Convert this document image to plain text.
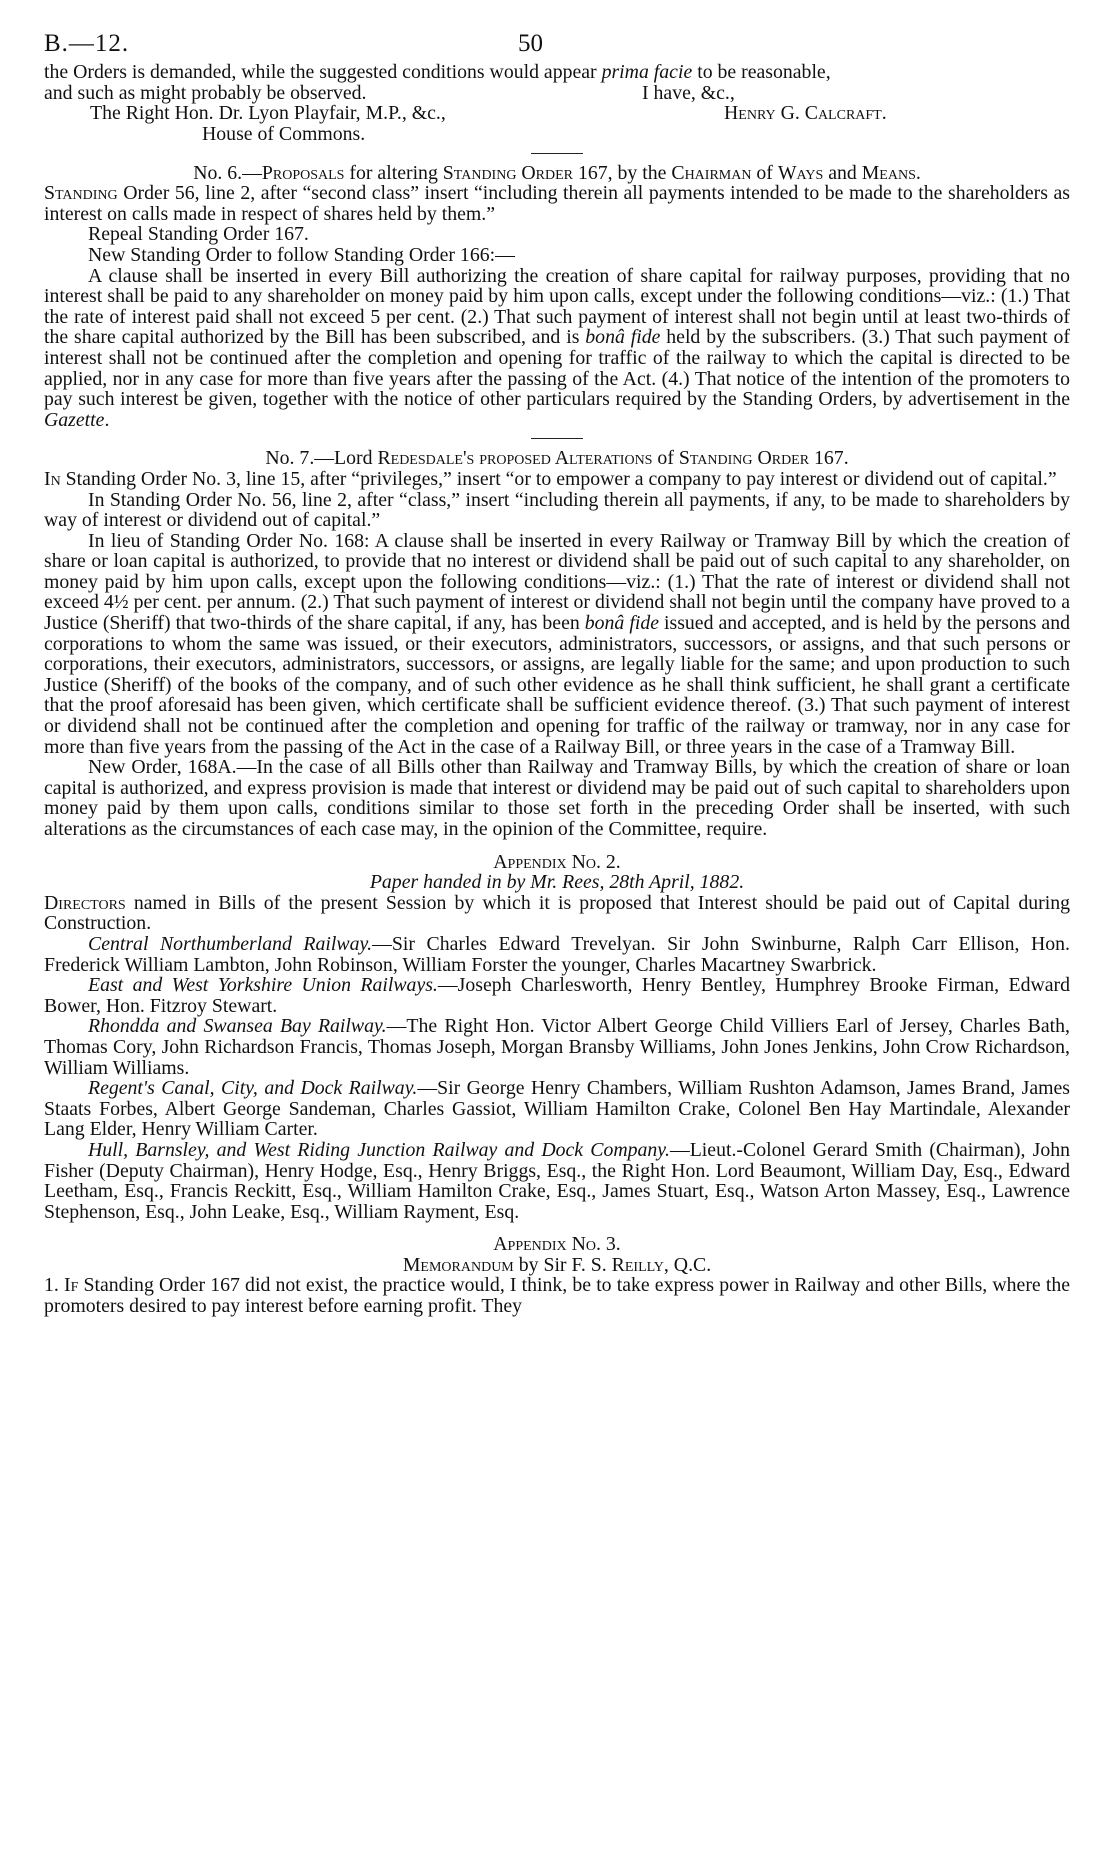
B.—12.	50

the Orders is demanded, while the suggested conditions would appear prima facie to be reasonable,

and such as might probably be observed.	I have, &c.,
The Right Hon. Dr. Lyon Playfair, M.P., &c.,	Henry G. Calcraft.
House of Commons.

No. 6.—Proposals for altering Standing Order 167, by the Chairman of Ways and Means.

Standing Order 56, line 2, after “second class” insert “including therein all payments intended to be made to the shareholders as interest on calls made in respect of shares held by them.”

Repeal Standing Order 167.

New Standing Order to follow Standing Order 166:—

A clause shall be inserted in every Bill authorizing the creation of share capital for railway purposes, providing that no interest shall be paid to any shareholder on money paid by him upon calls, except under the following conditions—viz.: (1.) That the rate of interest paid shall not exceed 5 per cent. (2.) That such payment of interest shall not begin until at least two-thirds of the share capital authorized by the Bill has been subscribed, and is bonâ fide held by the subscribers. (3.) That such payment of interest shall not be continued after the completion and opening for traffic of the railway to which the capital is directed to be applied, nor in any case for more than five years after the passing of the Act. (4.) That notice of the intention of the promoters to pay such interest be given, together with the notice of other particulars required by the Standing Orders, by advertisement in the Gazette.

No. 7.—Lord Redesdale's proposed Alterations of Standing Order 167.

In Standing Order No. 3, line 15, after “privileges,” insert “or to empower a company to pay interest or dividend out of capital.”

In Standing Order No. 56, line 2, after “class,” insert “including therein all payments, if any, to be made to shareholders by way of interest or dividend out of capital.”

In lieu of Standing Order No. 168: A clause shall be inserted in every Railway or Tramway Bill by which the creation of share or loan capital is authorized, to provide that no interest or dividend shall be paid out of such capital to any shareholder, on money paid by him upon calls, except upon the following conditions—viz.: (1.) That the rate of interest or dividend shall not exceed 4½ per cent. per annum. (2.) That such payment of interest or dividend shall not begin until the company have proved to a Justice (Sheriff) that two-thirds of the share capital, if any, has been bonâ fide issued and accepted, and is held by the persons and corporations to whom the same was issued, or their executors, administrators, successors, or assigns, and that such persons or corporations, their executors, administrators, successors, or assigns, are legally liable for the same; and upon production to such Justice (Sheriff) of the books of the company, and of such other evidence as he shall think sufficient, he shall grant a certificate that the proof aforesaid has been given, which certificate shall be sufficient evidence thereof. (3.) That such payment of interest or dividend shall not be continued after the completion and opening for traffic of the railway or tramway, nor in any case for more than five years from the passing of the Act in the case of a Railway Bill, or three years in the case of a Tramway Bill.

New Order, 168A.—In the case of all Bills other than Railway and Tramway Bills, by which the creation of share or loan capital is authorized, and express provision is made that interest or dividend may be paid out of such capital to shareholders upon money paid by them upon calls, conditions similar to those set forth in the preceding Order shall be inserted, with such alterations as the circumstances of each case may, in the opinion of the Committee, require.

Appendix No. 2.

Paper handed in by Mr. Rees, 28th April, 1882.

Directors named in Bills of the present Session by which it is proposed that Interest should be paid out of Capital during Construction.

Central Northumberland Railway.—Sir Charles Edward Trevelyan. Sir John Swinburne, Ralph Carr Ellison, Hon. Frederick William Lambton, John Robinson, William Forster the younger, Charles Macartney Swarbrick.

East and West Yorkshire Union Railways.—Joseph Charlesworth, Henry Bentley, Humphrey Brooke Firman, Edward Bower, Hon. Fitzroy Stewart.

Rhondda and Swansea Bay Railway.—The Right Hon. Victor Albert George Child Villiers Earl of Jersey, Charles Bath, Thomas Cory, John Richardson Francis, Thomas Joseph, Morgan Bransby Williams, John Jones Jenkins, John Crow Richardson, William Williams.

Regent's Canal, City, and Dock Railway.—Sir George Henry Chambers, William Rushton Adamson, James Brand, James Staats Forbes, Albert George Sandeman, Charles Gassiot, William Hamilton Crake, Colonel Ben Hay Martindale, Alexander Lang Elder, Henry William Carter.

Hull, Barnsley, and West Riding Junction Railway and Dock Company.—Lieut.-Colonel Gerard Smith (Chairman), John Fisher (Deputy Chairman), Henry Hodge, Esq., Henry Briggs, Esq., the Right Hon. Lord Beaumont, William Day, Esq., Edward Leetham, Esq., Francis Reckitt, Esq., William Hamilton Crake, Esq., James Stuart, Esq., Watson Arton Massey, Esq., Lawrence Stephenson, Esq., John Leake, Esq., William Rayment, Esq.

Appendix No. 3.

Memorandum by Sir F. S. Reilly, Q.C.

1. If Standing Order 167 did not exist, the practice would, I think, be to take express power in Railway and other Bills, where the promoters desired to pay interest before earning profit. They
